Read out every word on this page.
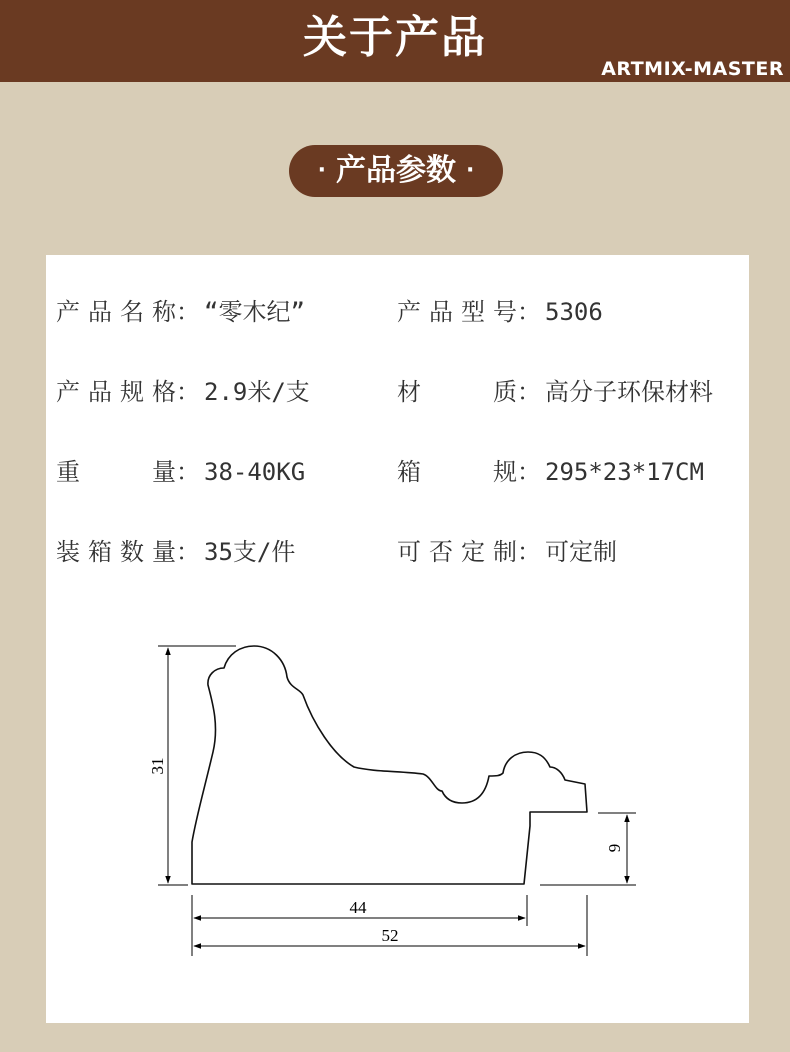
关于产品
ARTMIX-MASTER
· 产品参数 ·
产品名称： “零木纪”	产品型号： 5306
产品规格： 2.9米/支	材质： 高分子环保材料
重量： 38-40KG	箱规： 295*23*17CM
装箱数量： 35支/件	可否定制： 可定制
31
9
44
52
